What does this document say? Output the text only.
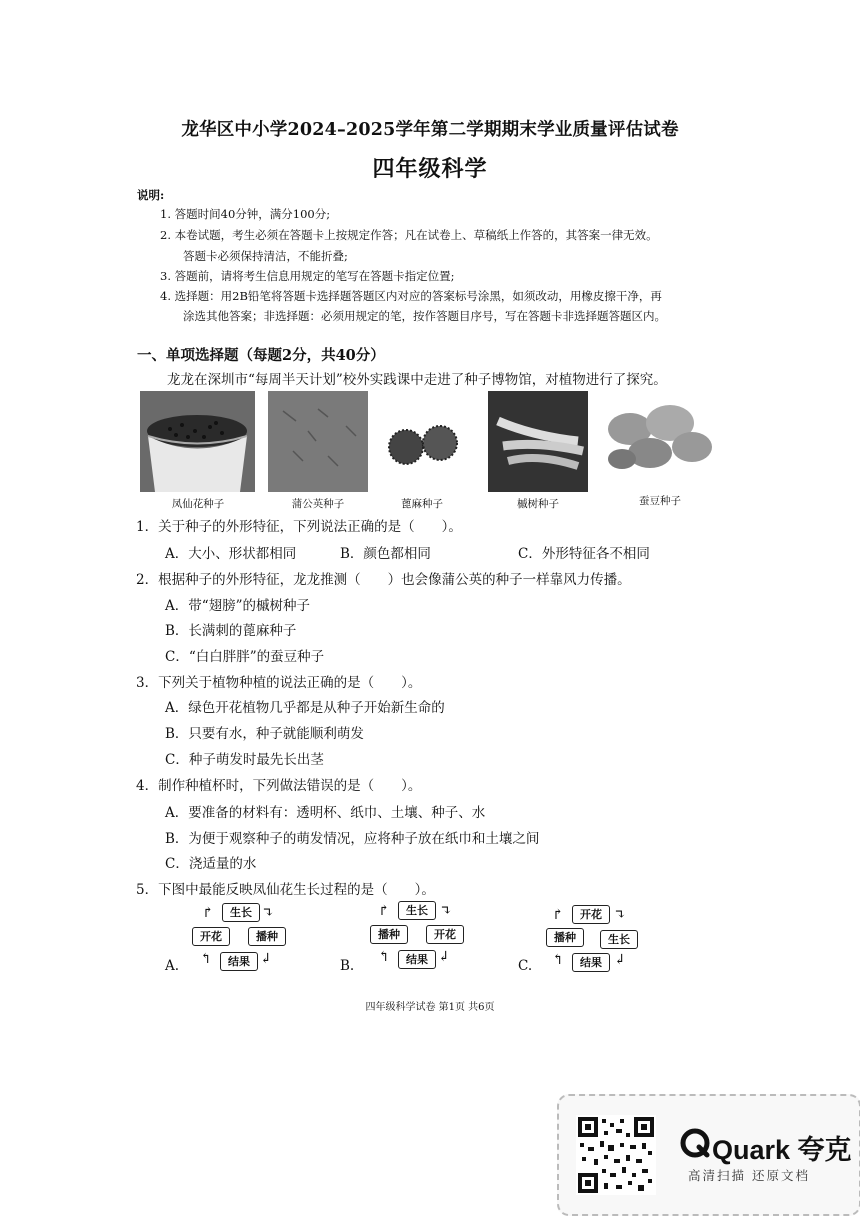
龙华区中小学2024–2025学年第二学期期末学业质量评估试卷
四年级科学
说明:
1. 答题时间40分钟，满分100分;
2. 本卷试题，考生必须在答题卡上按规定作答；凡在试卷上、草稿纸上作答的，其答案一律无效。
答题卡必须保持清洁，不能折叠;
3. 答题前，请将考生信息用规定的笔写在答题卡指定位置;
4. 选择题：用2B铅笔将答题卡选择题答题区内对应的答案标号涂黑，如须改动，用橡皮擦干净，再
涂选其他答案；非选择题：必须用规定的笔，按作答题目序号，写在答题卡非选择题答题区内。
一、单项选择题（每题2分，共40分）
龙龙在深圳市“每周半天计划”校外实践课中走进了种子博物馆，对植物进行了探究。
凤仙花种子	蒲公英种子	蓖麻种子	槭树种子	蚕豆种子
1．关于种子的外形特征，下列说法正确的是（　　）。
A．大小、形状都相同	B．颜色都相同	C．外形特征各不相同
2．根据种子的外形特征，龙龙推测（　　）也会像蒲公英的种子一样靠风力传播。
A．带“翅膀”的槭树种子
B．长满刺的蓖麻种子
C．“白白胖胖”的蚕豆种子
3．下列关于植物种植的说法正确的是（　　）。
A．绿色开花植物几乎都是从种子开始新生命的
B．只要有水，种子就能顺利萌发
C．种子萌发时最先长出茎
4．制作种植杯时，下列做法错误的是（　　）。
A．要准备的材料有：透明杯、纸巾、土壤、种子、水
B．为便于观察种子的萌发情况，应将种子放在纸巾和土壤之间
C．浇适量的水
5．下图中最能反映凤仙花生长过程的是（　　）。
A.
生长
开花	播种
结果
↱	↴
↰	↲	B.
生长
播种	开花
结果
↱	↴
↰	↲
C.
开花
播种	生长
结果
↱	↴
↰	↲
四年级科学试卷 第1页 共6页
Quark 夸克
高清扫描 还原文档
